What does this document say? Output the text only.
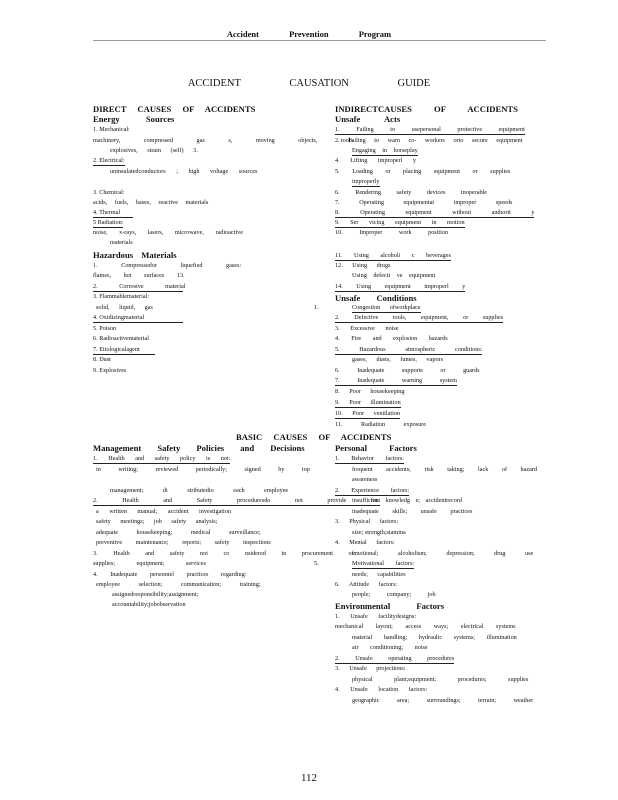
Accident Prevention Program
ACCIDENT CAUSATION GUIDE
DIRECT CAUSES OF ACCIDENTS
Energy Sources
1. Mechanical:
machinery, compressed gas s, moving objects, tools
explosives, strain (self) 3.
2. Electrical:
uninsulatedconductors ; high voltage sources
3. Chemical:
acids, fuels, bases, reactive materials
4. Thermal
5 Radiation:
noise, x-rays, lasers, microwave, radioactive
materials
Hazardous Materials
1. Compressedor liquefied gases:
flames, hot surfaces 13.
2. Corrosive material
3. Flammablematerial:
solid, liquid, gas
4. Oxidizingmaterial
5. Poison
6. Radioactivematerial
7. Etiologicalagent
8. Dust
9. Explosives
INDIRECTCAUSES OF ACCIDENTS
Unsafe Acts
1. Failing to usepersonal protective equipment
2. Failing to warn co- workers orto secure equipment
Engaging in horseplay
4. Lifting improperl y
5. Loading or placing equipment or supplies
improperly
6. Rendering safety devices inoperable
7. Operating equipmentat improper speeds
8. Operating equipment without authorit y
9. Ser vicing equipment in motion
10. Improper work position
11. Using alcoholi c beverages
12. Using drugs
Using defecti ve equipment
14. Using equipment improperl y
Unsafe Conditions
1.	Congestion ofworkplace
2. Defective tools, equipment, or supplies
3. Excessive noise
4. Fire and explosion hazards
5. Hazardous atmospheric conditions:
gases, dusts, fumes, vapors
6. Inadequate supports or guards
7. Inadequate warning system
8. Poor housekeeping
9. Poor illumination
10. Poor ventilation
11. Radiation exposure
BASIC CAUSES OF ACCIDENTS
Management Safety Policies and Decisions
1. Health and safety policy is not:
in writing; reviewed periodically; signed by top
management; di stributedto each employee
2. Health and Safety proceduresdo not provide for:
a written manual; accident investigation
safety meetings; job safety analysis;
adequate housekeeping; medical surveillance;
preventive maintenance; reports; safety inspections
3. Health and safety not co nsidered in procurement of:
supplies; equipment; services	5.
4. Inadequate personnel practices regarding:
employee selection; communication; training;
assignedresponsibility;assignment;
accountability;jobobservation
Personal Factors
1. Behavior factors:
frequent accidents; risk taking; lack of hazard
awareness
2. Experience factors:
insufficient knowledg e; accidentrecord
inadequate skills; unsafe practices
3. Physical factors:
size; strength;stamina
4. Mental factors:
emotional; alcoholism; depression; drug use
Motivational factors:
needs; capabilities
6. Attitude factors:
people; company; job
Environmental Factors
1. Unsafe facilitydesigns:
mechanical layout; access ways; electrical systems
material handling; hydraulic systems; illumination
air conditioning; noise
2. Unsafe operating procedures
3. Unsafe projections:
physical plant;equipment; procedures; supplies
4. Unsafe location factors:
geographic area; surroundings; terrain; weather
112
